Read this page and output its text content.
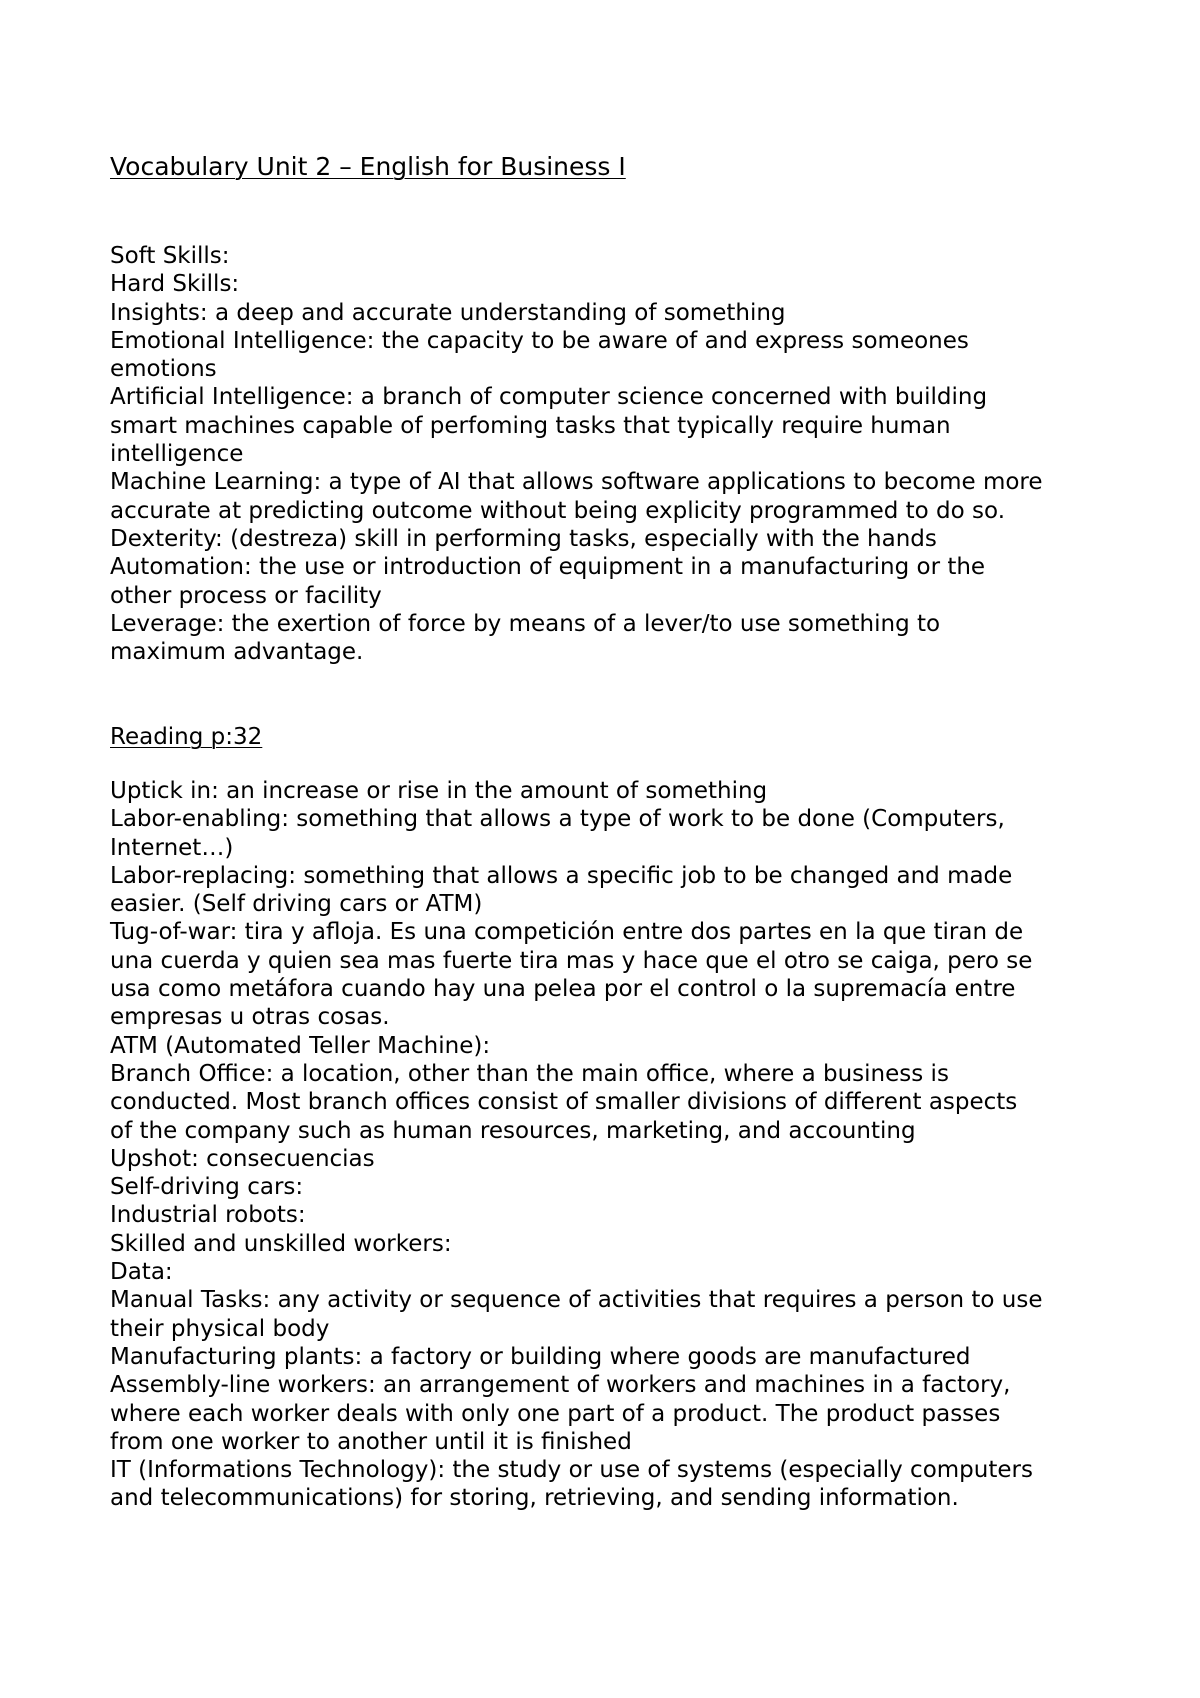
Vocabulary Unit 2 – English for Business I
Soft Skills:
Hard Skills:
Insights: a deep and accurate understanding of something
Emotional Intelligence: the capacity to be aware of and express someones
emotions
Artificial Intelligence: a branch of computer science concerned with building
smart machines capable of perfoming tasks that typically require human
intelligence
Machine Learning: a type of AI that allows software applications to become more
accurate at predicting outcome without being explicity programmed to do so.
Dexterity: (destreza) skill in performing tasks, especially with the hands
Automation: the use or introduction of equipment in a manufacturing or the
other process or facility
Leverage: the exertion of force by means of a lever/to use something to
maximum advantage.
Reading p:32
Uptick in: an increase or rise in the amount of something
Labor-enabling: something that allows a type of work to be done (Computers,
Internet…)
Labor-replacing: something that allows a specific job to be changed and made
easier. (Self driving cars or ATM)
Tug-of-war: tira y afloja. Es una competición entre dos partes en la que tiran de
una cuerda y quien sea mas fuerte tira mas y hace que el otro se caiga, pero se
usa como metáfora cuando hay una pelea por el control o la supremacía entre
empresas u otras cosas.
ATM (Automated Teller Machine):
Branch Office: a location, other than the main office, where a business is
conducted. Most branch offices consist of smaller divisions of different aspects
of the company such as human resources, marketing, and accounting
Upshot: consecuencias
Self-driving cars:
Industrial robots:
Skilled and unskilled workers:
Data:
Manual Tasks: any activity or sequence of activities that requires a person to use
their physical body
Manufacturing plants: a factory or building where goods are manufactured
Assembly-line workers: an arrangement of workers and machines in a factory,
where each worker deals with only one part of a product. The product passes
from one worker to another until it is finished
IT (Informations Technology): the study or use of systems (especially computers
and telecommunications) for storing, retrieving, and sending information.
